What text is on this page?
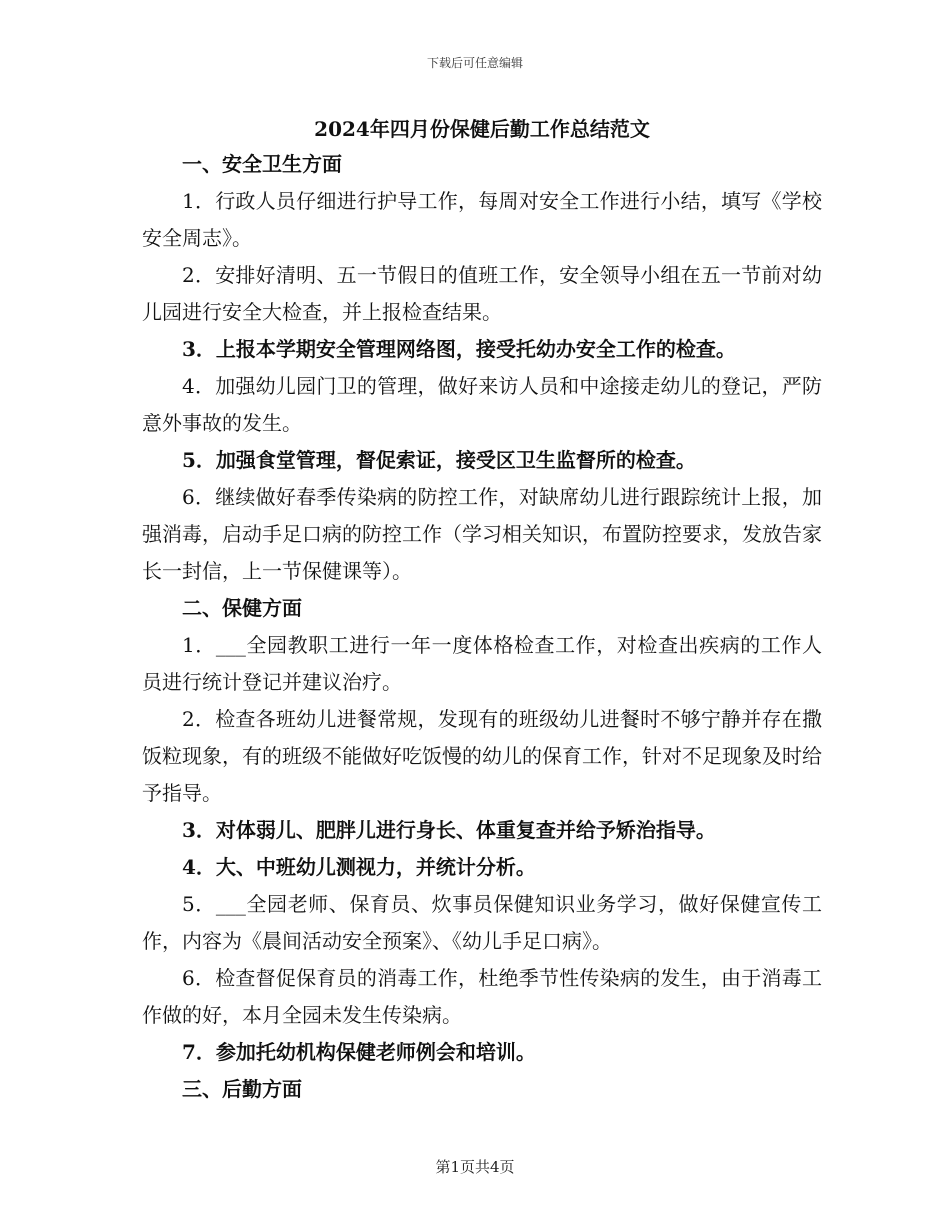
下载后可任意编辑
2024年四月份保健后勤工作总结范文

一、安全卫生方面

1．行政人员仔细进行护导工作，每周对安全工作进行小结，填写《学校安全周志》。

2．安排好清明、五一节假日的值班工作，安全领导小组在五一节前对幼儿园进行安全大检查，并上报检查结果。

3．上报本学期安全管理网络图，接受托幼办安全工作的检查。

4．加强幼儿园门卫的管理，做好来访人员和中途接走幼儿的登记，严防意外事故的发生。

5．加强食堂管理，督促索证，接受区卫生监督所的检查。

6．继续做好春季传染病的防控工作，对缺席幼儿进行跟踪统计上报，加强消毒，启动手足口病的防控工作（学习相关知识，布置防控要求，发放告家长一封信，上一节保健课等）。

二、保健方面

1．___全园教职工进行一年一度体格检查工作，对检查出疾病的工作人员进行统计登记并建议治疗。

2．检查各班幼儿进餐常规，发现有的班级幼儿进餐时不够宁静并存在撒饭粒现象，有的班级不能做好吃饭慢的幼儿的保育工作，针对不足现象及时给予指导。

3．对体弱儿、肥胖儿进行身长、体重复查并给予矫治指导。

4．大、中班幼儿测视力，并统计分析。

5．___全园老师、保育员、炊事员保健知识业务学习，做好保健宣传工作，内容为《晨间活动安全预案》、《幼儿手足口病》。

6．检查督促保育员的消毒工作，杜绝季节性传染病的发生，由于消毒工作做的好，本月全园未发生传染病。

7．参加托幼机构保健老师例会和培训。

三、后勤方面

第1页共4页
